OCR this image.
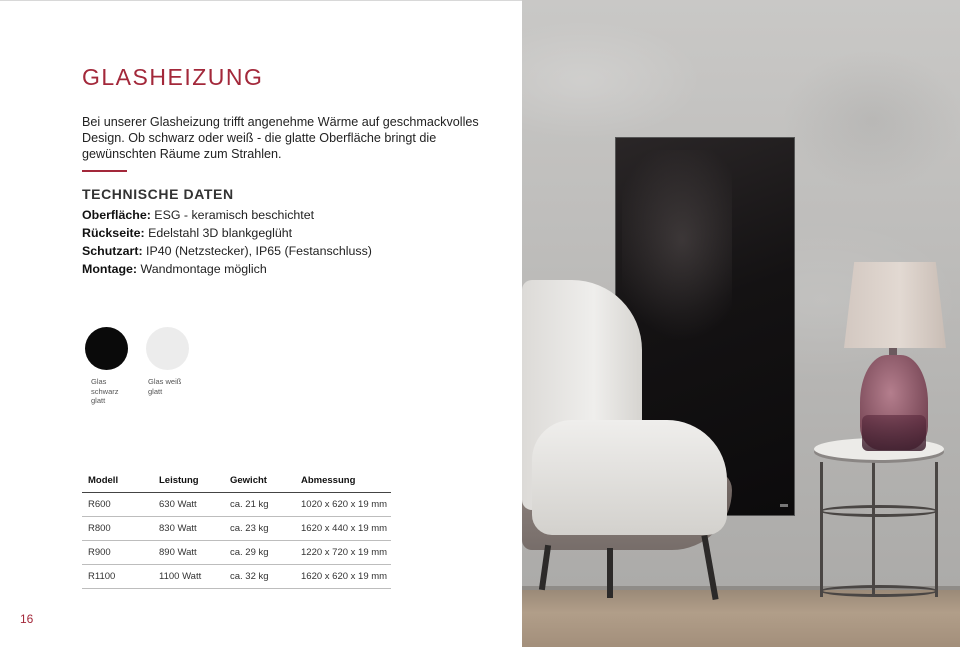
GLASHEIZUNG

Bei unserer Glasheizung trifft angenehme Wärme auf geschmackvolles Design. Ob schwarz oder weiß - die glatte Oberfläche bringt die gewünschten Räume zum Strahlen.

TECHNISCHE DATEN
Oberfläche: ESG - keramisch beschichtet
Rückseite: Edelstahl 3D blankgeglüht
Schutzart: IP40 (Netzstecker), IP65 (Festanschluss)
Montage: Wandmontage möglich
Glas
schwarz
glatt
Glas weiß
glatt
Modell	Leistung	Gewicht	Abmessung
R600	630 Watt	ca. 21 kg	1020 x 620 x 19 mm
R800	830 Watt	ca. 23 kg	1620 x 440 x 19 mm
R900	890 Watt	ca. 29 kg	1220 x 720 x 19 mm
R1100	1100 Watt	ca. 32 kg	1620 x 620 x 19 mm
16
